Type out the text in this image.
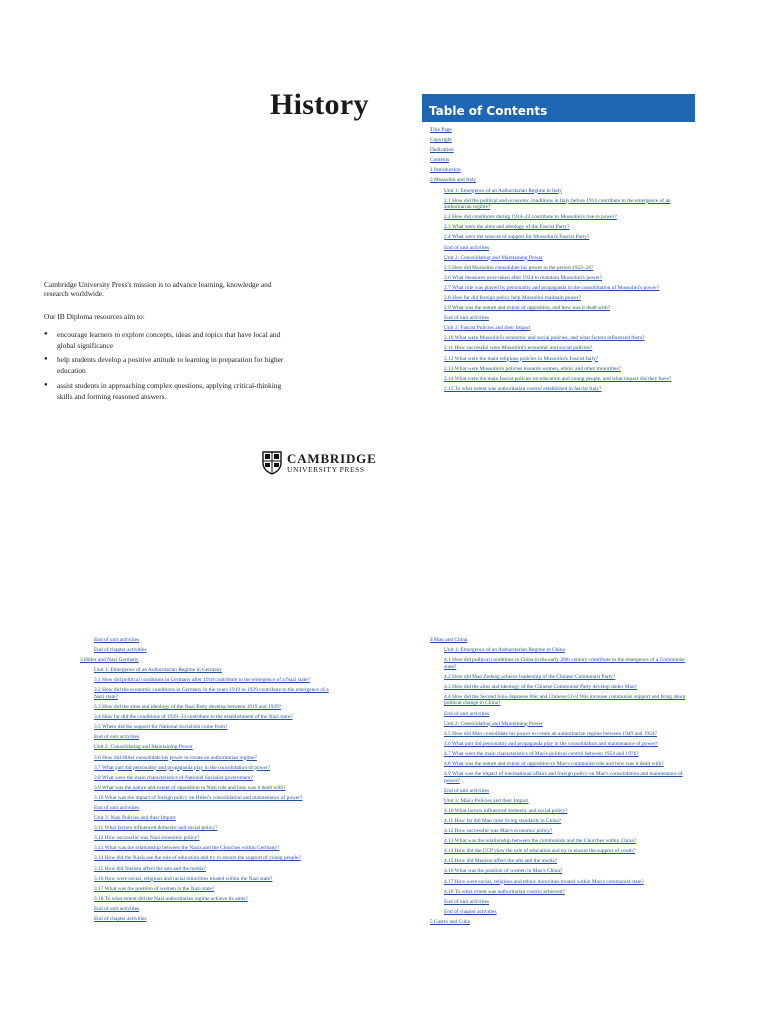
History

Cambridge University Press's mission is to advance learning, knowledge and research worldwide.

Our IB Diploma resources aim to:

● encourage learners to explore concepts, ideas and topics that have local and global significance
● help students develop a positive attitude to learning in preparation for higher education
● assist students in approaching complex questions, applying critical-thinking skills and forming reasoned answers.
CAMBRIDGE
UNIVERSITY PRESS
Table of Contents
Title Page
Copyright
Dedication
Contents
1 Introduction
2 Mussolini and Italy
Unit 1: Emergence of an Authoritarian Regime in Italy
2.1 How did the political and economic conditions in Italy before 1914 contribute to the emergence of an authoritarian regime?
2.2 How did conditions during 1914–22 contribute to Mussolini's rise to power?
2.3 What were the aims and ideology of the Fascist Party?
2.4 What were the sources of support for Mussolini's Fascist Party?
End of unit activities
Unit 2: Consolidating and Maintaining Power
2.5 How did Mussolini consolidate his power in the period 1922–24?
2.6 What measures were taken after 1924 to maintain Mussolini's power?
2.7 What role was played by personality and propaganda in the consolidation of Mussolini's power?
2.8 How far did foreign policy help Mussolini maintain power?
2.9 What was the nature and extent of opposition, and how was it dealt with?
End of unit activities
Unit 3: Fascist Policies and their Impact
2.10 What were Mussolini's economic and social policies, and what factors influenced them?
2.11 How successful were Mussolini's economic and social policies?
2.12 What were the main religious policies in Mussolini's Fascist Italy?
2.13 What were Mussolini's policies towards women, ethnic and other minorities?
2.14 What were the main fascist policies on education and young people, and what impact did they have?
2.15 To what extent was authoritarian control established in fascist Italy?
End of unit activities
End of chapter activities
3 Hitler and Nazi Germany
Unit 1: Emergence of an Authoritarian Regime in Germany
3.1 How did political conditions in Germany after 1918 contribute to the emergence of a Nazi state?
3.2 How did the economic conditions in Germany in the years 1919 to 1929 contribute to the emergence of a Nazi state?
3.3 How did the aims and ideology of the Nazi Party develop between 1919 and 1929?
3.4 How far did the conditions of 1929–33 contribute to the establishment of the Nazi state?
3.5 Where did the support for National Socialism come from?
End of unit activities
Unit 2: Consolidating and Maintaining Power
3.6 How did Hitler consolidate his power to create an authoritarian regime?
3.7 What part did personality and propaganda play in the consolidation of power?
3.8 What were the main characteristics of National Socialist government?
3.9 What was the nature and extent of opposition to Nazi rule and how was it dealt with?
3.10 What was the impact of foreign policy on Hitler's consolidation and maintenance of power?
End of unit activities
Unit 3: Nazi Policies and their Impact
3.11 What factors influenced domestic and social policy?
3.12 How successful was Nazi economic policy?
3.13 What was the relationship between the Nazis and the Churches within Germany?
3.14 How did the Nazis see the role of education and try to ensure the support of young people?
3.15 How did Nazism affect the arts and the media?
3.16 How were social, religious and racial minorities treated within the Nazi state?
3.17 What was the position of women in the Nazi state?
3.18 To what extent did the Nazi authoritarian regime achieve its aims?
End of unit activities
End of chapter activities
4 Mao and China
Unit 1: Emergence of an Authoritarian Regime in China
4.1 How did political conditions in China in the early 20th century contribute to the emergence of a Communist state?
4.2 How did Mao Zedong achieve leadership of the Chinese Communist Party?
4.3 How did the aims and ideology of the Chinese Communist Party develop under Mao?
4.4 How did the Second Sino-Japanese War and Chinese Civil War increase communist support and bring about political change in China?
End of unit activities
Unit 2: Consolidating and Maintaining Power
4.5 How did Mao consolidate his power to create an authoritarian regime between 1949 and 1954?
4.6 What part did personality and propaganda play in the consolidation and maintenance of power?
4.7 What were the main characteristics of Mao's political control between 1954 and 1976?
4.8 What was the nature and extent of opposition to Mao's communist rule and how was it dealt with?
4.9 What was the impact of international affairs and foreign policy on Mao's consolidation and maintenance of power?
End of unit activities
Unit 3: Mao's Policies and their Impact
4.10 What factors influenced domestic and social policy?
4.11 How far did Mao raise living standards in China?
4.12 How successful was Mao's economic policy?
4.13 What was the relationship between the communists and the Churches within China?
4.14 How did the CCP view the role of education and try to ensure the support of youth?
4.15 How did Maoism affect the arts and the media?
4.16 What was the position of women in Mao's China?
4.17 How were social, religious and ethnic minorities treated within Mao's communist state?
4.18 To what extent was authoritarian control achieved?
End of unit activities
End of chapter activities
5 Castro and Cuba
